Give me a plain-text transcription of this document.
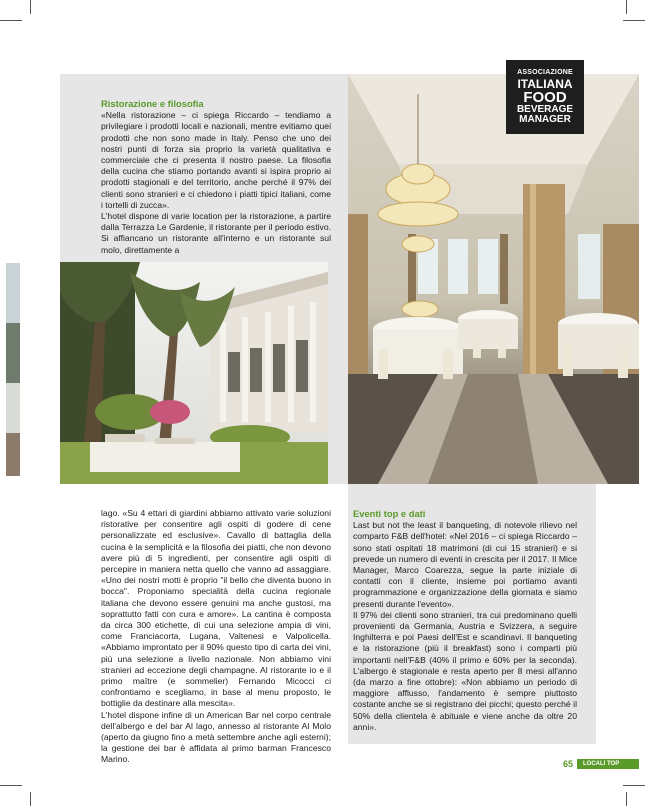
Ristorazione e filosofia

«Nella ristorazione – ci spiega Riccardo – tendiamo a privilegiare i prodotti locali e nazionali, mentre evitiamo quei prodotti che non sono made in Italy. Penso che uno dei nostri punti di forza sia proprio la varietà qualitativa e commerciale che ci presenta il nostro paese. La filosofia della cucina che stiamo portando avanti si ispira proprio ai prodotti stagionali e del territorio, anche perché il 97% dei clienti sono stranieri e ci chiedono i piatti tipici italiani, come i tortelli di zucca».

L'hotel dispone di varie location per la ristorazione, a partire dalla Terrazza Le Gardenie, il ristorante per il periodo estivo. Si affiancano un ristorante all'interno e un ristorante sul molo, direttamente a

ASSOCIAZIONE
ITALIANA
FOOD
BEVERAGE
MANAGER

lago. «Su 4 ettari di giardini abbiamo attivato varie soluzioni ristorative per consentire agli ospiti di godere di cene personalizzate ed esclusive». Cavallo di battaglia della cucina è la semplicità e la filosofia dei piatti, che non devono avere più di 5 ingredienti, per consentire agli ospiti di percepire in maniera netta quello che vanno ad assaggiare. «Uno dei nostri motti è proprio "il bello che diventa buono in bocca". Proponiamo specialità della cucina regionale italiana che devono essere genuini ma anche gustosi, ma soprattutto fatti con cura e amore». La cantina è composta da circa 300 etichette, di cui una selezione ampia di vini, come Franciacorta, Lugana, Valtenesi e Valpolicella. «Abbiamo improntato per il 90% questo tipo di carta dei vini, più una selezione a livello nazionale. Non abbiamo vini stranieri ad eccezione degli champagne. Al ristorante io e il primo maître (e sommelier) Fernando Micocci ci confrontiamo e scegliamo, in base al menu proposto, le bottiglie da destinare alla mescita».

L'hotel dispone infine di un American Bar nel corpo centrale dell'albergo e del bar Al lago, annesso al ristorante Al Molo (aperto da giugno fino a metà settembre anche agli esterni); la gestione dei bar è affidata al primo barman Francesco Marino.

Eventi top e dati

Last but not the least il banqueting, di notevole rilievo nel comparto F&B dell'hotel: «Nel 2016 – ci spiega Riccardo – sono stati ospitati 18 matrimoni (di cui 15 stranieri) e si prevede un numero di eventi in crescita per il 2017. Il Mice Manager, Marco Coarezza, segue la parte iniziale di contatti con il cliente, insieme poi portiamo avanti programmazione e organizzazione della giornata e siamo presenti durante l'evento».

Il 97% dei clienti sono stranieri, tra cui predominano quelli provenienti da Germania, Austria e Svizzera, a seguire Inghilterra e poi Paesi dell'Est e scandinavi. Il banqueting e la ristorazione (più il breakfast) sono i comparti più importanti nell'F&B (40% il primo e 60% per la seconda). L'albergo è stagionale e resta aperto per 8 mesi all'anno (da marzo a fine ottobre): «Non abbiamo un periodo di maggiore afflusso, l'andamento è sempre piuttosto costante anche se si registrano dei picchi; questo perché il 50% della clientela è abituale e viene anche da oltre 20 anni».

65	LOCALI TOP
